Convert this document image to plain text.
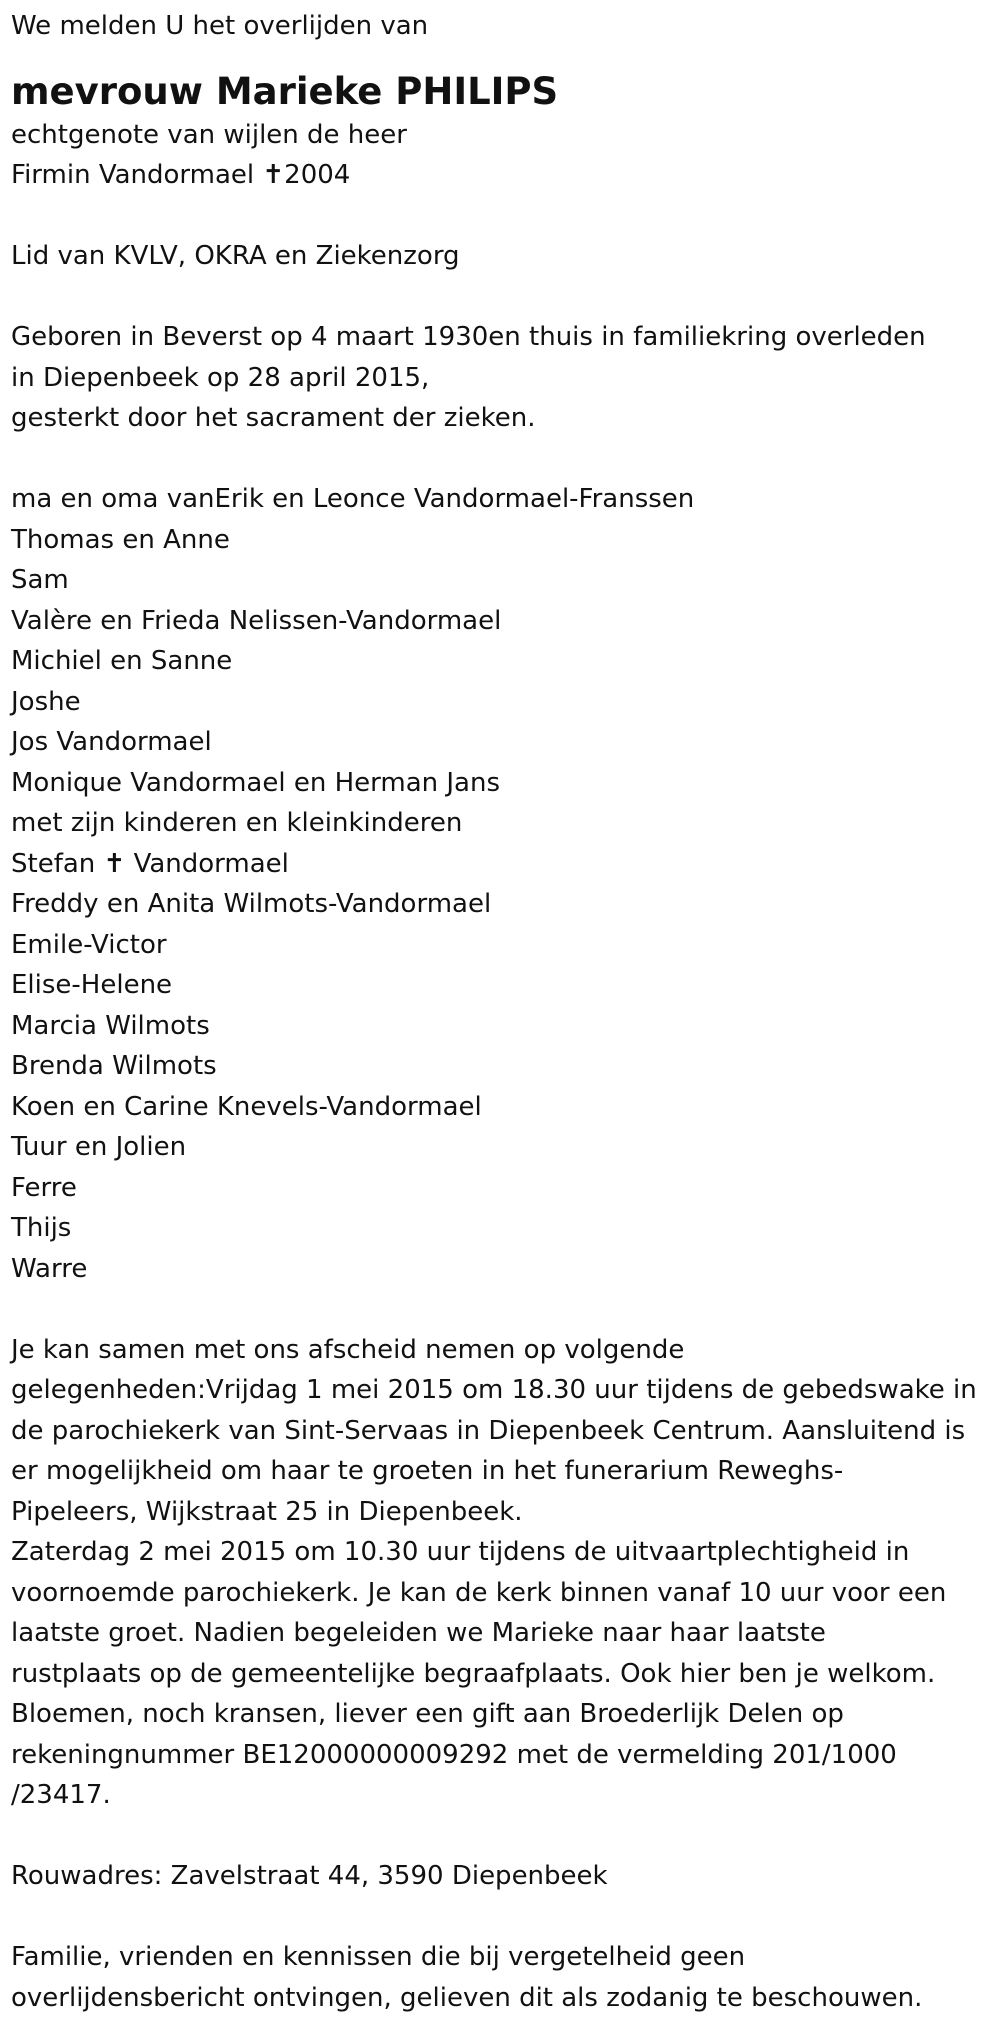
We melden U het overlijden van

mevrouw Marieke PHILIPS

echtgenote van wijlen de heer

Firmin Vandormael ✝2004

Lid van KVLV, OKRA en Ziekenzorg

Geboren in Beverst op 4 maart 1930en thuis in familiekring overleden

in Diepenbeek op 28 april 2015,

gesterkt door het sacrament der zieken.

ma en oma vanErik en Leonce Vandormael-Franssen

Thomas en Anne

Sam

Valère en Frieda Nelissen-Vandormael

Michiel en Sanne

Joshe

Jos Vandormael

Monique Vandormael en Herman Jans

met zijn kinderen en kleinkinderen

Stefan ✝ Vandormael

Freddy en Anita Wilmots-Vandormael

Emile-Victor

Elise-Helene

Marcia Wilmots

Brenda Wilmots

Koen en Carine Knevels-Vandormael

Tuur en Jolien

Ferre

Thijs

Warre

Je kan samen met ons afscheid nemen op volgende

gelegenheden:Vrijdag 1 mei 2015 om 18.30 uur tijdens de gebedswake in

de parochiekerk van Sint-Servaas in Diepenbeek Centrum. Aansluitend is

er mogelijkheid om haar te groeten in het funerarium Reweghs-

Pipeleers, Wijkstraat 25 in Diepenbeek.

Zaterdag 2 mei 2015 om 10.30 uur tijdens de uitvaartplechtigheid in

voornoemde parochiekerk. Je kan de kerk binnen vanaf 10 uur voor een

laatste groet. Nadien begeleiden we Marieke naar haar laatste

rustplaats op de gemeentelijke begraafplaats. Ook hier ben je welkom.

Bloemen, noch kransen, liever een gift aan Broederlijk Delen op

rekeningnummer BE12000000009292 met de vermelding 201/1000

/23417.

Rouwadres: Zavelstraat 44, 3590 Diepenbeek

Familie, vrienden en kennissen die bij vergetelheid geen

overlijdensbericht ontvingen, gelieven dit als zodanig te beschouwen.
